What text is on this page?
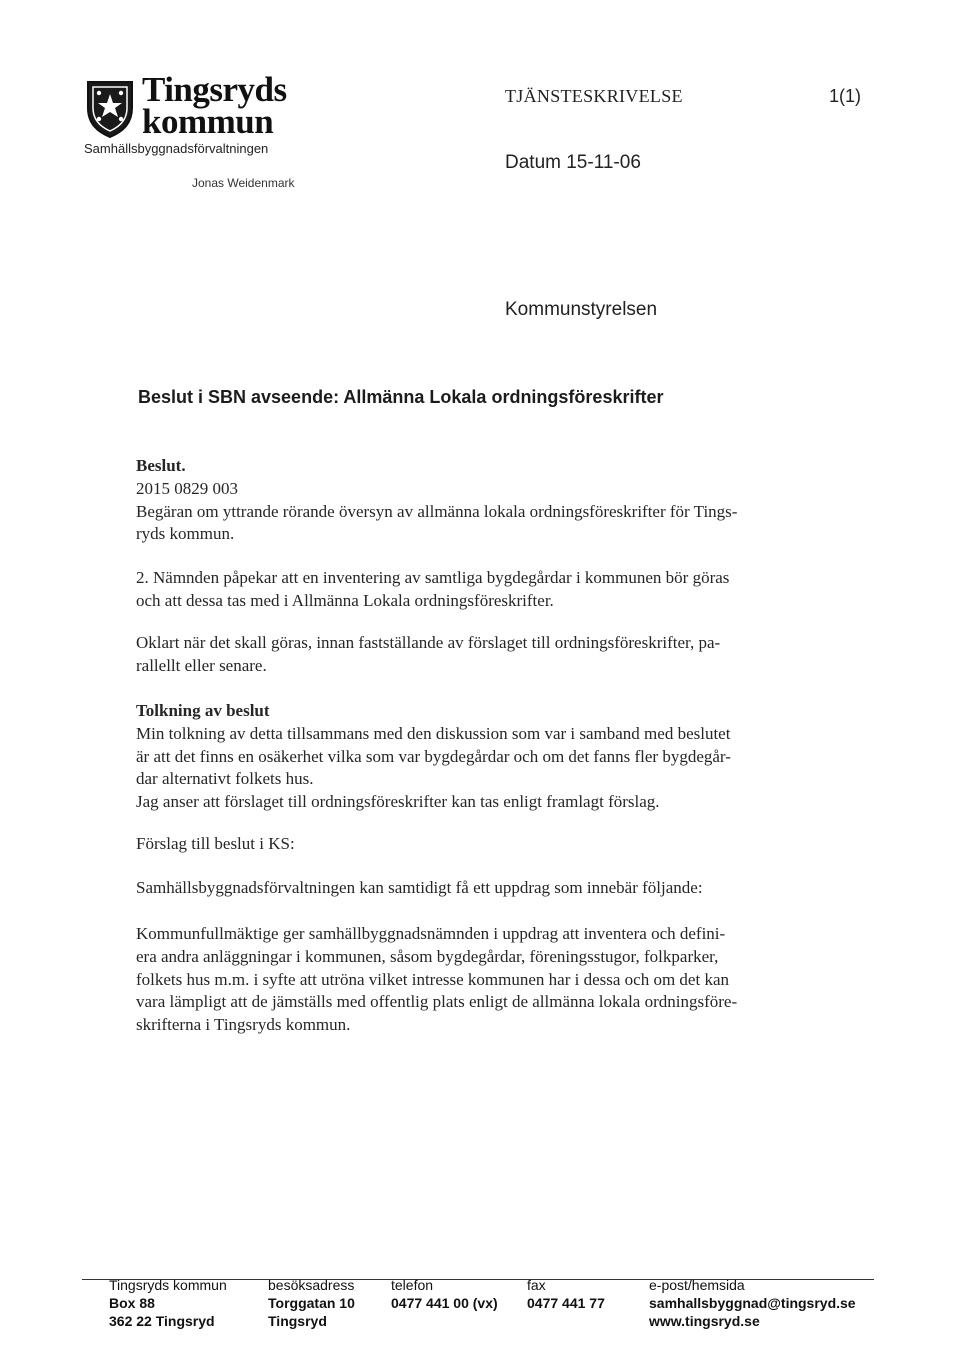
Tingsryds
kommun
Samhällsbyggnadsförvaltningen
Jonas Weidenmark
TJÄNSTESKRIVELSE	1(1)
Datum 15-11-06
Kommunstyrelsen
Beslut i SBN avseende: Allmänna Lokala ordningsföreskrifter
Beslut.
2015 0829 003
Begäran om yttrande rörande översyn av allmänna lokala ordningsföreskrifter för Tings-
ryds kommun.
2. Nämnden påpekar att en inventering av samtliga bygdegårdar i kommunen bör göras
och att dessa tas med i Allmänna Lokala ordningsföreskrifter.
Oklart när det skall göras, innan fastställande av förslaget till ordningsföreskrifter, pa-
rallellt eller senare.
Tolkning av beslut
Min tolkning av detta tillsammans med den diskussion som var i samband med beslutet
är att det finns en osäkerhet vilka som var bygdegårdar och om det fanns fler bygdegår-
dar alternativt folkets hus.
Jag anser att förslaget till ordningsföreskrifter kan tas enligt framlagt förslag.
Förslag till beslut i KS:
Samhällsbyggnadsförvaltningen kan samtidigt få ett uppdrag som innebär följande:
Kommunfullmäktige ger samhällbyggnadsnämnden i uppdrag att inventera och defini-
era andra anläggningar i kommunen, såsom bygdegårdar, föreningsstugor, folkparker,
folkets hus m.m. i syfte att utröna vilket intresse kommunen har i dessa och om det kan
vara lämpligt att de jämställs med offentlig plats enligt de allmänna lokala ordningsföre-
skrifterna i Tingsryds kommun.
Tingsryds kommun
Box 88
362 22 Tingsryd
besöksadress
Torggatan 10
Tingsryd
telefon
0477 441 00 (vx)
fax
0477 441 77
e-post/hemsida
samhallsbyggnad@tingsryd.se
www.tingsryd.se
